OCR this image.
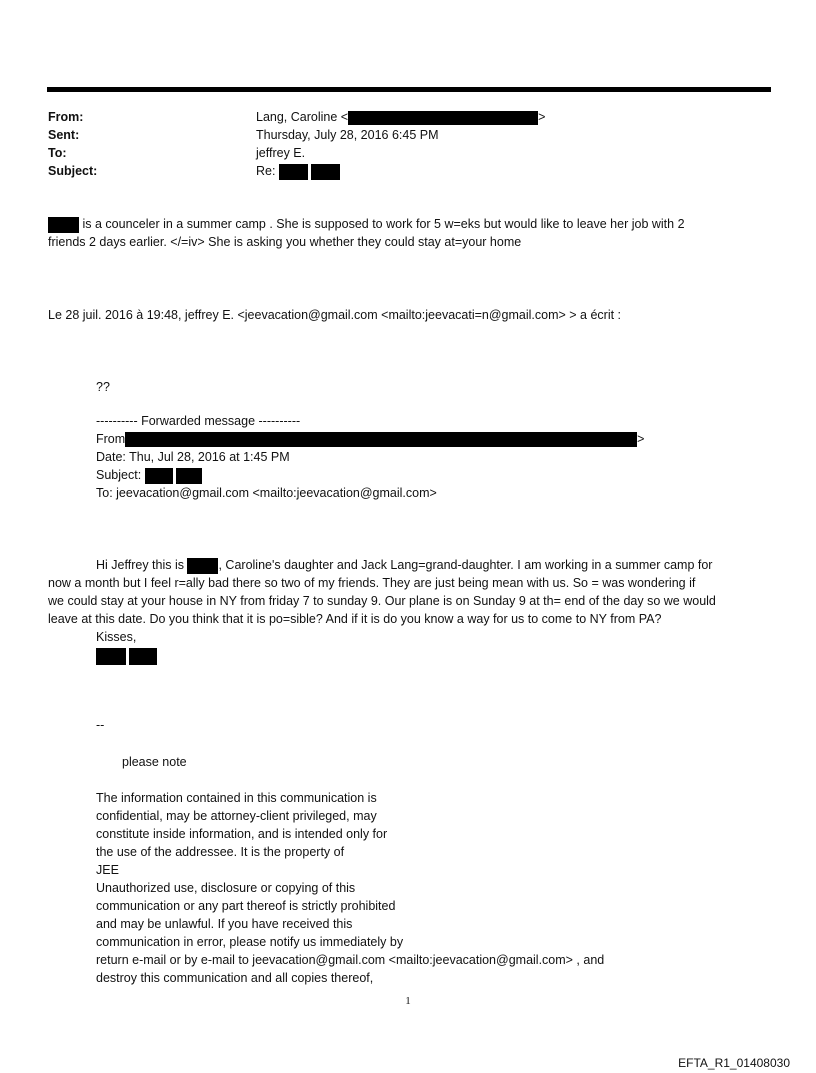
From:	Lang, Caroline <	>
Sent:	Thursday, July 28, 2016 6:45 PM
To:	jeffrey E.
Subject:	Re:
is a counceler in a summer camp . She is supposed to work for 5 w=eks but would like to leave her job with 2
friends 2 days earlier. </=iv> She is asking you whether they could stay at=your home
Le 28 juil. 2016 à 19:48, jeffrey E. <jeevacation@gmail.com <mailto:jeevacati=n@gmail.com> > a écrit :
??
---------- Forwarded message ----------
From	>
Date: Thu, Jul 28, 2016 at 1:45 PM
Subject:
To: jeevacation@gmail.com <mailto:jeevacation@gmail.com>
Hi Jeffrey this is	, Caroline's daughter and Jack Lang=grand-daughter. I am working in a summer camp for
now a month but I feel r=ally bad there so two of my friends. They are just being mean with us. So = was wondering if
we could stay at your house in NY from friday 7 to sunday 9. Our plane is on Sunday 9 at th= end of the day so we would
leave at this date. Do you think that it is po=sible? And if it is do you know a way for us to come to NY from PA?
Kisses,

--
please note
The information contained in this communication is
confidential, may be attorney-client privileged, may
constitute inside information, and is intended only for
the use of the addressee. It is the property of
JEE
Unauthorized use, disclosure or copying of this
communication or any part thereof is strictly prohibited
and may be unlawful. If you have received this
communication in error, please notify us immediately by
return e-mail or by e-mail to jeevacation@gmail.com <mailto:jeevacation@gmail.com> , and
destroy this communication and all copies thereof,
1
EFTA_R1_01408030
